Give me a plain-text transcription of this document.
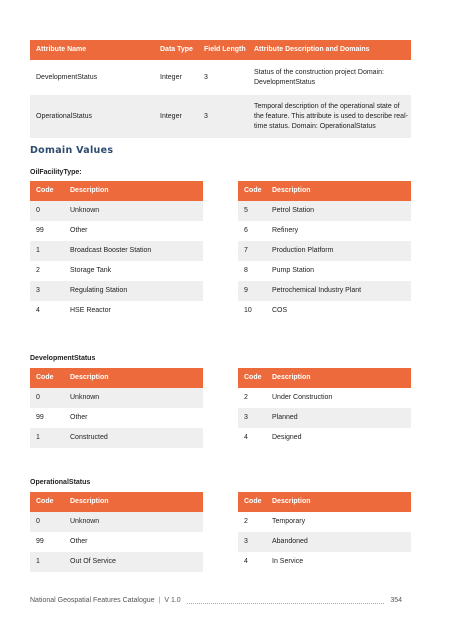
Attribute Name	Data Type	Field Length	Attribute Description and Domains
DevelopmentStatus	Integer	3	Status of the construction project Domain: DevelopmentStatus
OperationalStatus	Integer	3	Temporal description of the operational state of the feature. This attribute is used to describe real-time status. Domain: OperationalStatus
Domain Values

OilFacilityType:

Code	Description
0	Unknown
99	Other
1	Broadcast Booster Station
2	Storage Tank
3	Regulating Station
4	HSE Reactor
Code	Description
5	Petrol Station
6	Refinery
7	Production Platform
8	Pump Station
9	Petrochemical Industry Plant
10	COS

DevelopmentStatus

Code	Description
0	Unknown
99	Other
1	Constructed
Code	Description
2	Under Construction
3	Planned
4	Designed

OperationalStatus

Code	Description
0	Unknown
99	Other
1	Out Of Service
Code	Description
2	Temporary
3	Abandoned
4	In Service
National Geospatial Features Catalogue | V 1.0	354
